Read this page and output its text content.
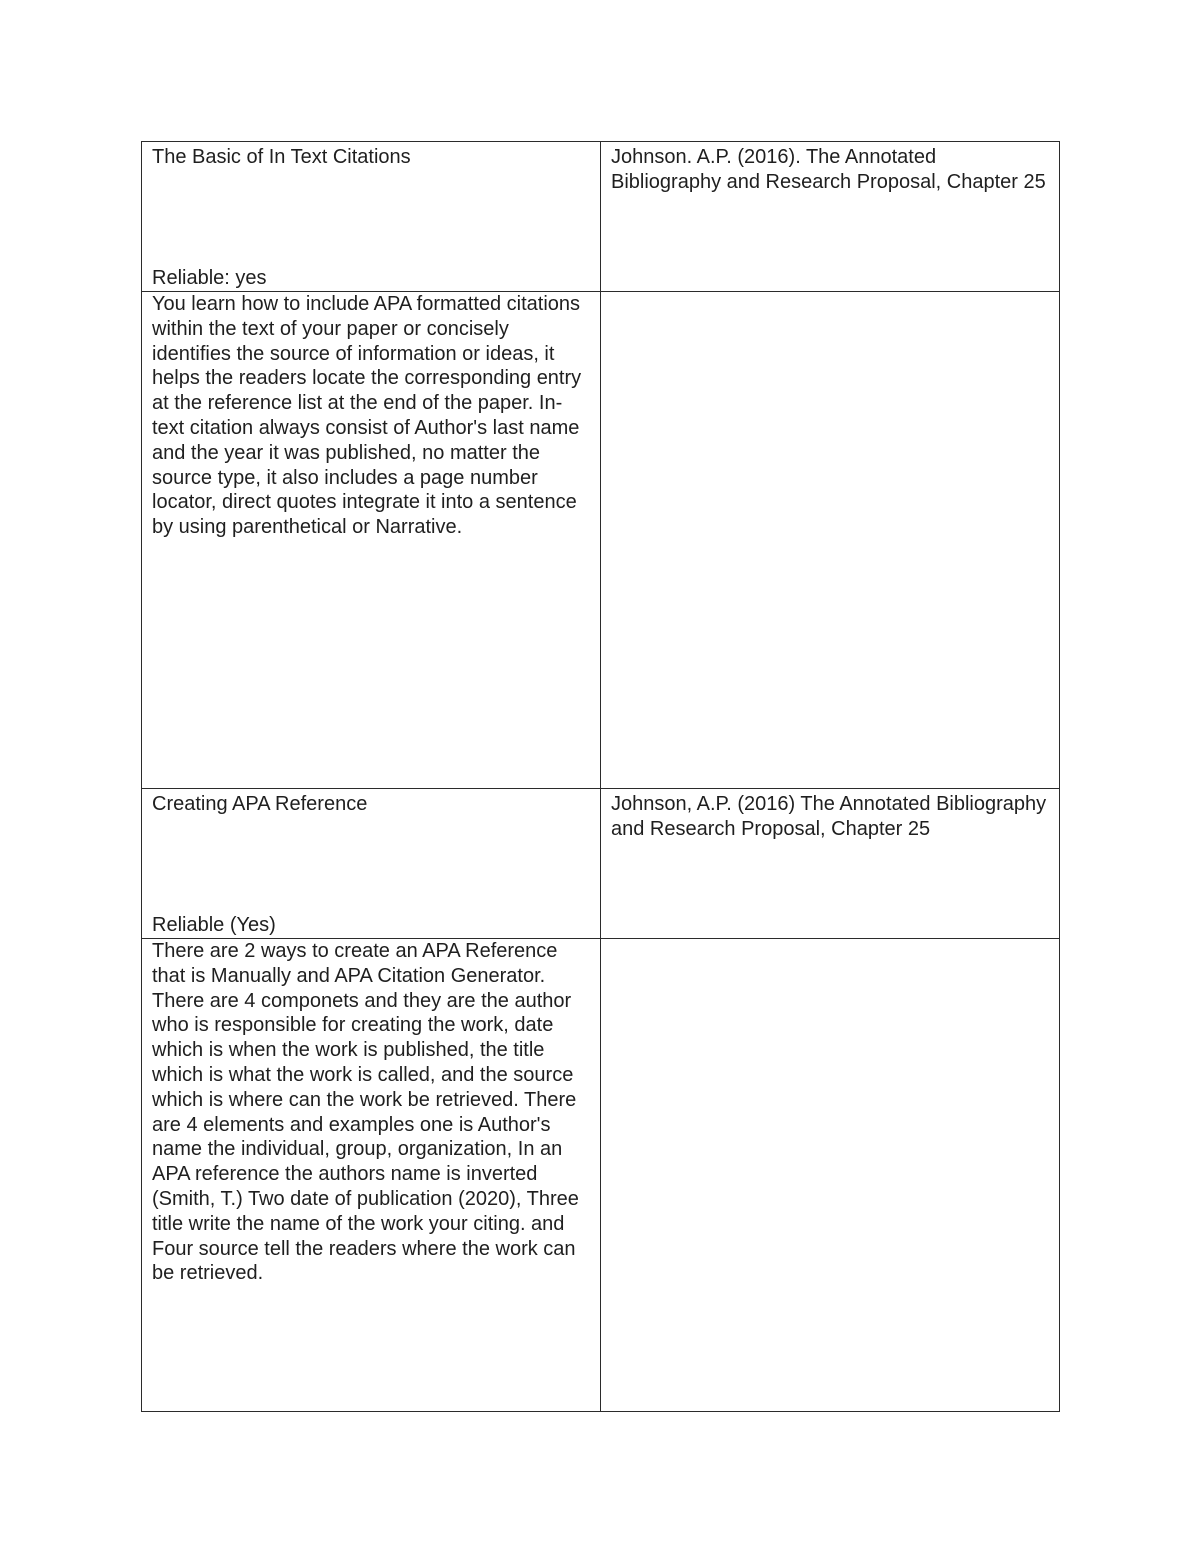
The Basic of In Text Citations
Reliable: yes	Johnson. A.P. (2016). The Annotated Bibliography and Research Proposal, Chapter 25

You learn how to include APA formatted citations within the text of your paper or concisely identifies the source of information or ideas, it helps the readers locate the corresponding entry at the reference list at the end of the paper. In-text citation always consist of Author's last name and the year it was published, no matter the source type, it also includes a page number locator, direct quotes integrate it into a sentence by using parenthetical or Narrative.	

Creating APA Reference
Reliable (Yes)	Johnson, A.P. (2016) The Annotated Bibliography and Research Proposal, Chapter 25

There are 2 ways to create an APA Reference that is Manually and APA Citation Generator. There are 4 componets and they are the author who is responsible for creating the work, date which is when the work is published, the title which is what the work is called, and the source which is where can the work be retrieved. There are 4 elements and examples one is Author's name the individual, group, organization, In an APA reference the authors name is inverted (Smith, T.) Two date of publication (2020), Three title write the name of the work your citing. and Four source tell the readers where the work can be retrieved.	
